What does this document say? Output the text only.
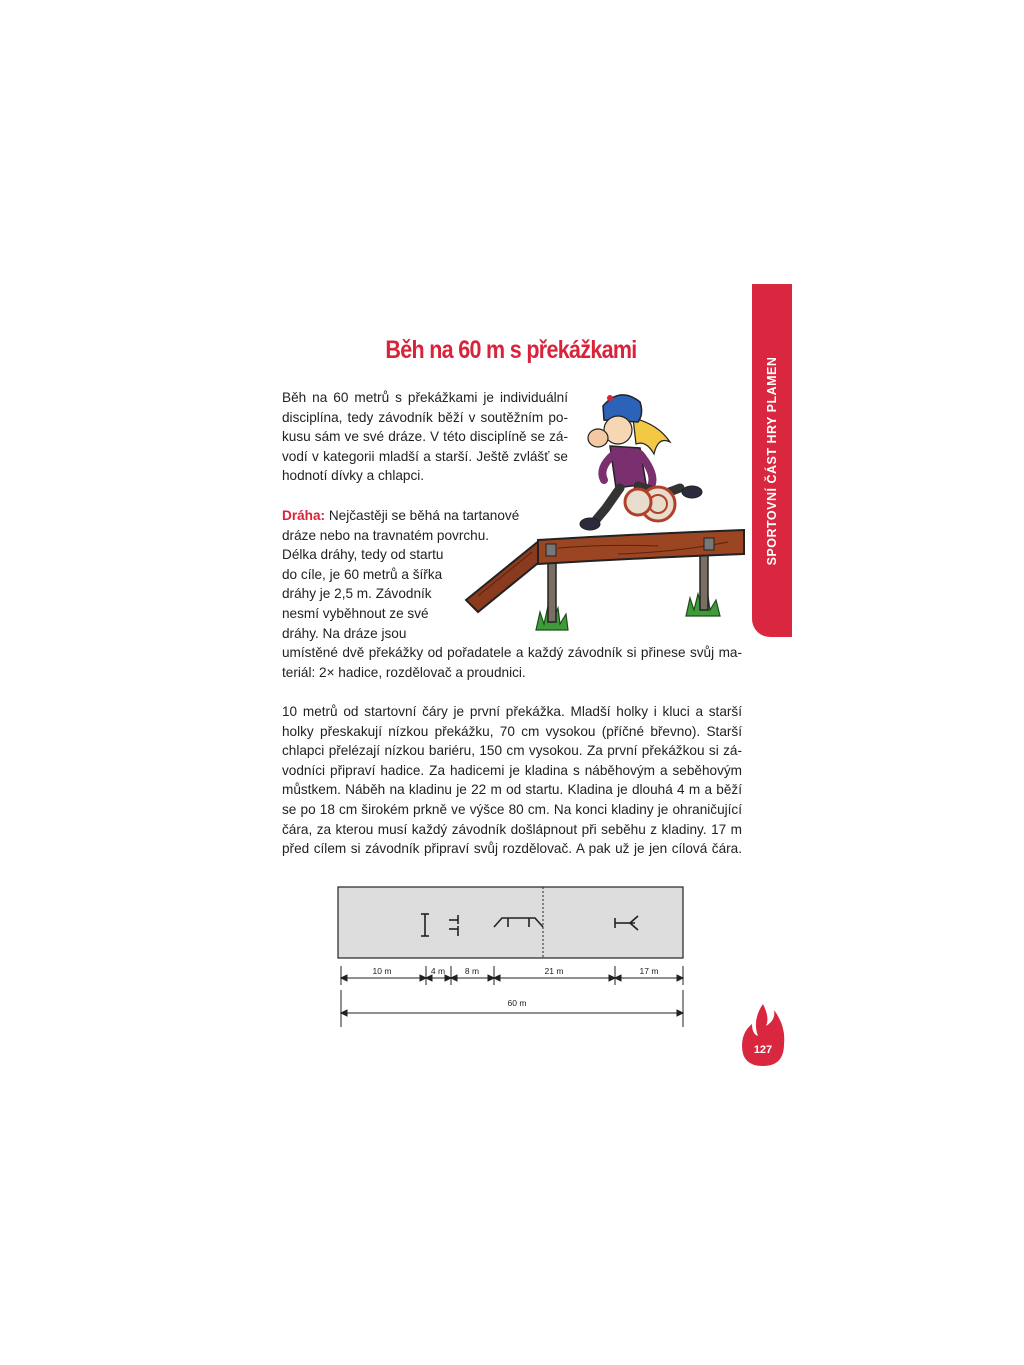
Běh na 60 m s překážkami
SPORTOVNÍ ČÁST HRY PLAMEN
Běh na 60 metrů s překážkami je individuální
disciplína, tedy závodník běží v soutěžním po-
kusu sám ve své dráze. V této disciplíně se zá-
vodí v kategorii mladší a starší. Ještě zvlášť se
hodnotí dívky a chlapci.
Dráha: Nejčastěji se běhá na tartanové
dráze nebo na travnatém povrchu.
Délka dráhy, tedy od startu
do cíle, je 60 metrů a šířka
dráhy je 2,5 m. Závodník
nesmí vyběhnout ze své
dráhy. Na dráze jsou
umístěné dvě překážky od pořadatele a každý závodník si přinese svůj ma-
teriál: 2× hadice, rozdělovač a proudnici.
10 metrů od startovní čáry je první překážka. Mladší holky i kluci a starší
holky přeskakují nízkou překážku, 70 cm vysokou (příčné břevno). Starší
chlapci přelézají nízkou bariéru, 150 cm vysokou. Za první překážkou si zá-
vodníci připraví hadice. Za hadicemi je kladina s náběhovým a seběhovým
můstkem. Náběh na kladinu je 22 m od startu. Kladina je dlouhá 4 m a běží
se po 18 cm širokém prkně ve výšce 80 cm. Na konci kladiny je ohraničující
čára, za kterou musí každý závodník došlápnout při seběhu z kladiny. 17 m
před cílem si závodník připraví svůj rozdělovač. A pak už je jen cílová čára.
10 m	4 m 8 m	21 m	17 m
60 m
127
